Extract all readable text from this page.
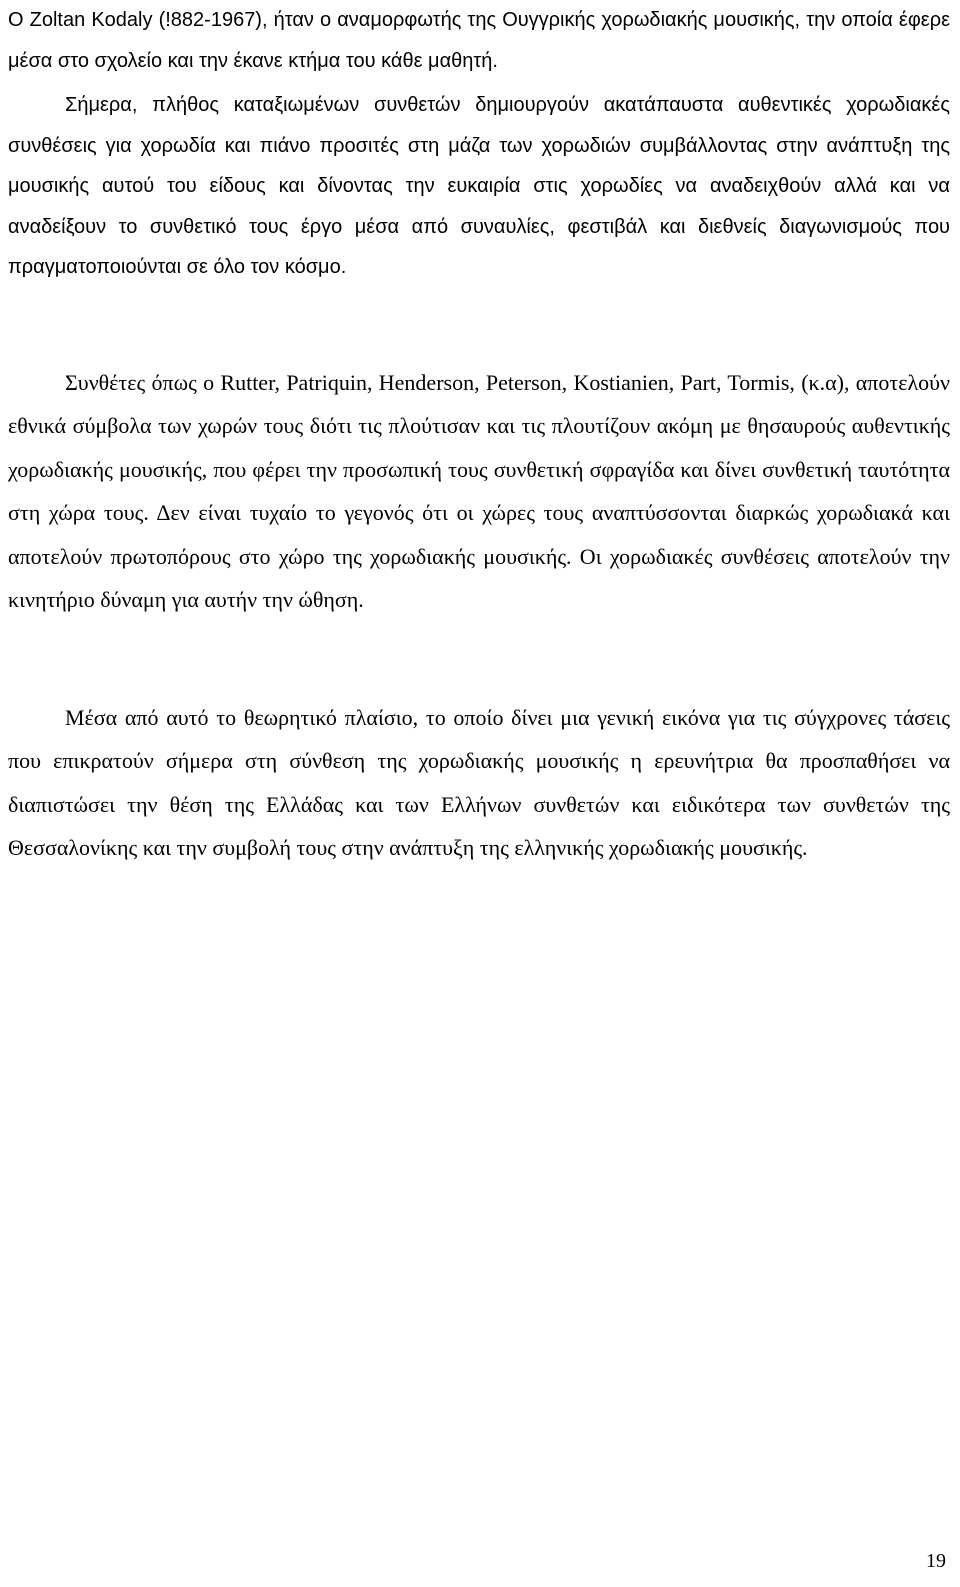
Ο Zoltan Kodaly (!882-1967), ήταν ο αναμορφωτής της Ουγγρικής χορωδιακής μουσικής, την οποία έφερε μέσα στο σχολείο και την έκανε κτήμα του κάθε μαθητή.

Σήμερα, πλήθος καταξιωμένων συνθετών δημιουργούν ακατάπαυστα αυθεντικές χορωδιακές συνθέσεις για χορωδία και πιάνο προσιτές στη μάζα των χορωδιών συμβάλλοντας στην ανάπτυξη της μουσικής αυτού του είδους και δίνοντας την ευκαιρία στις χορωδίες να αναδειχθούν αλλά και να αναδείξουν το συνθετικό τους έργο μέσα από συναυλίες, φεστιβάλ και διεθνείς διαγωνισμούς που πραγματοποιούνται σε όλο τον κόσμο.

Συνθέτες όπως ο Rutter, Patriquin, Henderson, Peterson, Kostianien, Part, Tormis, (κ.α), αποτελούν εθνικά σύμβολα των χωρών τους διότι τις πλούτισαν και τις πλουτίζουν ακόμη με θησαυρούς αυθεντικής χορωδιακής μουσικής, που φέρει την προσωπική τους συνθετική σφραγίδα και δίνει συνθετική ταυτότητα στη χώρα τους. Δεν είναι τυχαίο το γεγονός ότι οι χώρες τους αναπτύσσονται διαρκώς χορωδιακά και αποτελούν πρωτοπόρους στο χώρο της χορωδιακής μουσικής. Οι χορωδιακές συνθέσεις αποτελούν την κινητήριο δύναμη για αυτήν την ώθηση.

Μέσα από αυτό το θεωρητικό πλαίσιο, το οποίο δίνει μια γενική εικόνα για τις σύγχρονες τάσεις που επικρατούν σήμερα στη σύνθεση της χορωδιακής μουσικής η ερευνήτρια θα προσπαθήσει να διαπιστώσει την θέση της Ελλάδας και των Ελλήνων συνθετών και ειδικότερα των συνθετών της Θεσσαλονίκης και την συμβολή τους στην ανάπτυξη της ελληνικής χορωδιακής μουσικής.

19
